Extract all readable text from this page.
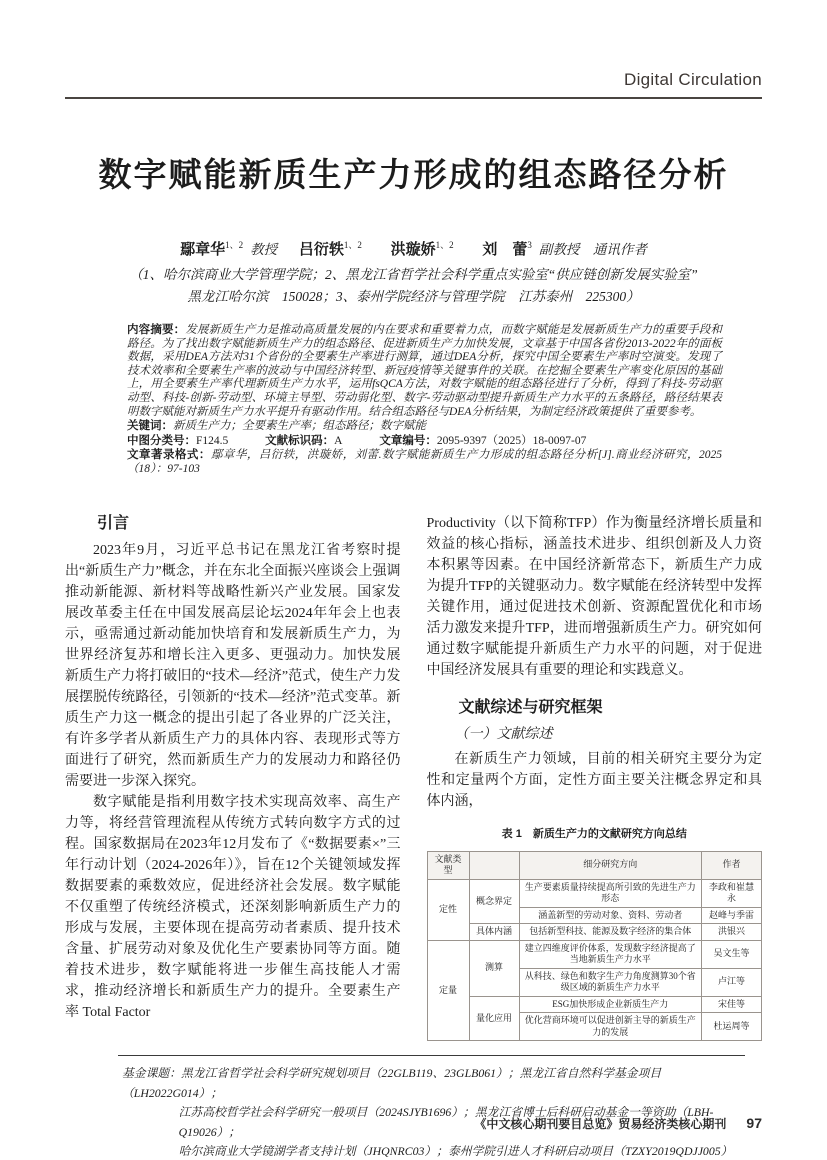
Digital Circulation
数字赋能新质生产力形成的组态路径分析
鄢章华$^{1、2}$ 教授 吕衍轶$^{1、2}$ 洪璇娇$^{1、2}$ 刘　蕾$^3$ 副教授　通讯作者
（1、哈尔滨商业大学管理学院；2、黑龙江省哲学社会科学重点实验室“供应链创新发展实验室”
黑龙江哈尔滨　150028；3、泰州学院经济与管理学院　江苏泰州　225300）
内容摘要：发展新质生产力是推动高质量发展的内在要求和重要着力点，而数字赋能是发展新质生产力的重要手段和路径。为了找出数字赋能新质生产力的组态路径、促进新质生产力加快发展，文章基于中国各省份2013-2022年的面板数据，采用DEA方法对31个省份的全要素生产率进行测算，通过DEA分析，探究中国全要素生产率时空演变。发现了技术效率和全要素生产率的波动与中国经济转型、新冠疫情等关键事件的关联。在挖掘全要素生产率变化原因的基础上，用全要素生产率代理新质生产力水平，运用fsQCA方法，对数字赋能的组态路径进行了分析，得到了科技-劳动驱动型、科技-创新-劳动型、环境主导型、劳动弱化型、数字-劳动驱动型提升新质生产力水平的五条路径，路径结果表明数字赋能对新质生产力水平提升有驱动作用。结合组态路径与DEA分析结果，为制定经济政策提供了重要参考。
关键词：新质生产力；全要素生产率；组态路径；数字赋能
中图分类号：F124.5	文献标识码：A	文章编号：2095-9397（2025）18-0097-07
文章著录格式：鄢章华，吕衍轶，洪璇娇，刘蕾.数字赋能新质生产力形成的组态路径分析[J].商业经济研究，2025（18）：97-103
引言

2023年9月，习近平总书记在黑龙江省考察时提出“新质生产力”概念，并在东北全面振兴座谈会上强调推动新能源、新材料等战略性新兴产业发展。国家发展改革委主任在中国发展高层论坛2024年年会上也表示，亟需通过新动能加快培育和发展新质生产力，为世界经济复苏和增长注入更多、更强动力。加快发展新质生产力将打破旧的“技术—经济”范式，使生产力发展摆脱传统路径，引领新的“技术—经济”范式变革。新质生产力这一概念的提出引起了各业界的广泛关注，有许多学者从新质生产力的具体内容、表现形式等方面进行了研究，然而新质生产力的发展动力和路径仍需要进一步深入探究。

数字赋能是指利用数字技术实现高效率、高生产力等，将经营管理流程从传统方式转向数字方式的过程。国家数据局在2023年12月发布了《“数据要素×”三年行动计划（2024-2026年）》，旨在12个关键领域发挥数据要素的乘数效应，促进经济社会发展。数字赋能不仅重塑了传统经济模式，还深刻影响新质生产力的形成与发展，主要体现在提高劳动者素质、提升技术含量、扩展劳动对象及优化生产要素协同等方面。随着技术进步，数字赋能将进一步催生高技能人才需求，推动经济增长和新质生产力的提升。全要素生产率 Total Factor

Productivity（以下简称TFP）作为衡量经济增长质量和效益的核心指标，涵盖技术进步、组织创新及人力资本积累等因素。在中国经济新常态下，新质生产力成为提升TFP的关键驱动力。数字赋能在经济转型中发挥关键作用，通过促进技术创新、资源配置优化和市场活力激发来提升TFP，进而增强新质生产力。研究如何通过数字赋能提升新质生产力水平的问题，对于促进中国经济发展具有重要的理论和实践意义。

文献综述与研究框架
（一）文献综述

在新质生产力领域，目前的相关研究主要分为定性和定量两个方面，定性方面主要关注概念界定和具体内涵，

表 1　新质生产力的文献研究方向总结
文献类型		细分研究方向	作者
定性	概念界定	生产要素质量持续提高所引致的先进生产力形态	李政和崔慧永
		涵盖新型的劳动对象、资料、劳动者	赵峰与季雷
	具体内涵	包括新型科技、能源及数字经济的集合体	洪银兴
定量	测算	建立四维度评价体系，发现数字经济提高了当地新质生产力水平	吴文生等
		从科技、绿色和数字生产力角度测算30个省级区域的新质生产力水平	卢江等
	量化应用	ESG加快形成企业新质生产力	宋佳等
		优化营商环境可以促进创新主导的新质生产力的发展	杜运周等
基金课题：黑龙江省哲学社会科学研究规划项目（22GLB119、23GLB061）；黑龙江省自然科学基金项目（LH2022G014）；
江苏高校哲学社会科学研究一般项目（2024SJYB1696）；黑龙江省博士后科研启动基金一等资助（LBH-Q19026）；
哈尔滨商业大学镜湖学者支持计划（JHQNRC03）；泰州学院引进人才科研启动项目（TZXY2019QDJJ005）
《中文核心期刊要目总览》贸易经济类核心期刊 97
